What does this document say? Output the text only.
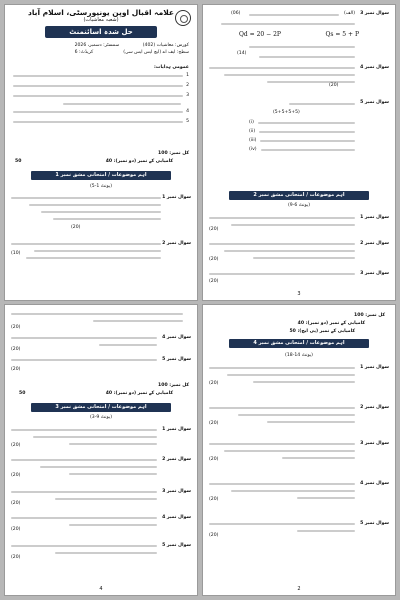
علامہ اقبال اوپن یونیورسٹی، اسلام آباد
(شعبہ معاشیات)
حل شدہ اسائنمنٹ
کورس: معاشیات (402)	سمسٹر: دسمبر، 2026
سطح: ایف اے (ایچ ایس ایس سی)	کریڈٹ: 6
عمومی ہدایات:
1
2
3
4
5
کل نمبر: 100
کامیابی کے نمبر (دو نمبر): 40
50
اہم موضوعات / امتحانی مشق نمبر 1
(یونٹ 1-5)
سوال نمبر 1
(20)
سوال نمبر 2
(10)
سوال نمبر 3
(الف)
(06)
Qd = 20 − 2P	Qs = 5 + P
(14)
سوال نمبر 4
(20)
سوال نمبر 5
(5+5+5+5)
(i)
(ii)
(iii)
(iv)
اہم موضوعات / امتحانی مشق نمبر 2
(یونٹ 6-9)
سوال نمبر 1
(20)
سوال نمبر 2
(20)
سوال نمبر 3
(20)
3
(20)
سوال نمبر 4
(20)
سوال نمبر 5
(20)
کل نمبر: 100
کامیابی کے نمبر (دو نمبر): 40
50
اہم موضوعات / امتحانی مشق نمبر 3
(یونٹ 9-3)
سوال نمبر 1
(20)
سوال نمبر 2
(20)
سوال نمبر 3
(20)
سوال نمبر 4
(20)
سوال نمبر 5
(20)
4
کل نمبر: 100
کامیابی کے نمبر (دو نمبر): 40
کامیابی کے نمبر (پی ایچ): 50
اہم موضوعات / امتحانی مشق نمبر 4
(یونٹ 14-18)
سوال نمبر 1
(20)
سوال نمبر 2
(20)
سوال نمبر 3
(20)
سوال نمبر 4
(20)
سوال نمبر 5
(20)
2
